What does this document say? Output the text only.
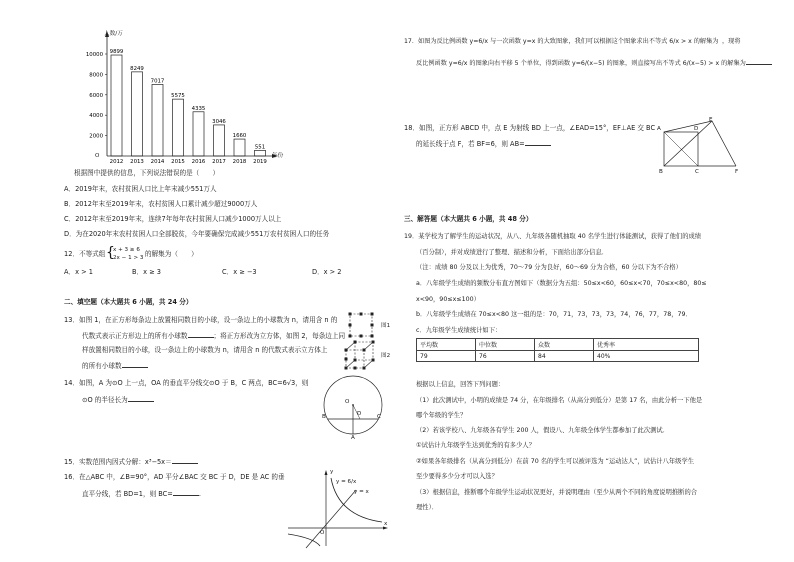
2000
4000
6000
8000
10000 9899
2012
8249
2013
7017
2014
5575
2015
4335
2016
3046
2017
1660
2018
551
2019
人数/万
O	年份
根据图中提供的信息，下列说法错误的是（　　）
A．2019年末，农村贫困人口比上年末减少551万人
B．2012年末至2019年末，农村贫困人口累计减少超过9000万人
C．2012年末至2019年末，连续7年每年农村贫困人口减少1000万人以上
D．为在2020年末农村贫困人口全部脱贫，今年要确保完成减少551万农村贫困人口的任务
12．不等式组 {
x + 3 ≥ 6
2x − 1 > 3 的解集为（　　）
A．x > 1	B．x ≥ 3	C．x ≥ −3	D．x > 2
二、填空题（本大题共 6 小题，共 24 分）
13．如图 1，在正方形每条边上放置相同数目的小球，设一条边上的小球数为 n，请用含 n 的
代数式表示正方形边上的所有小球数	；将正方形改为立方体，如图 2，每条边上同
样放置相同数目的小球，设一条边上的小球数为 n，请用含 n 的代数式表示立方体上
的所有小球数
图1
图2
14．如图，A 为⊙O 上一点，OA 的垂直平分线交⊙O 于 B，C 两点，BC=6√3，则
⊙O 的半径长为	O
B	D	C
A
15．实数范围内因式分解：x³−5x＝
16．在△ABC 中，∠B=90°，AD 平分∠BAC 交 BC 于 D，DE 是 AC 的垂
直平分线，若 BD=1，则 BC=	.
y = 6/x
y = x
x
y
O
17．如图为反比例函数 y=6/x 与一次函数 y=x 的大致图象，我们可以根据这个图象求出不等式 6/x > x 的解集为 ，现将
反比例函数 y=6/x 的图象向右平移 5 个单位，得到函数 y=6/(x−5) 的图象，则直接写出不等式 6/(x−5) > x 的解集为
18．如图，正方形 ABCD 中，点 E 为射线 BD 上一点，∠EAD=15°，EF⊥AE 交 BC
的延长线于点 F，若 BF=6，则 AB=
A	D
E
B	C	F
三、解答题（本大题共 6 小题，共 48 分）
19．某学校为了解学生的运动状况，从八、九年级各随机抽取 40 名学生进行体能测试，获得了他们的成绩
（百分制），并对成绩进行了整理、描述和分析，下面给出部分信息．
（注：成绩 80 分及以上为优秀，70～79 分为良好，60～69 分为合格，60 分以下为不合格）
a．八年级学生成绩的频数分布直方图如下（数据分为五组：50≤x<60，60≤x<70，70≤x<80，80≤
x<90，90≤x≤100）
b．八年级学生成绩在 70≤x<80 这一组的是：70，71，73，73，73，74，76，77，78，79．
c．九年级学生成绩统计如下：
平均数	中位数	众数	优秀率
79	76	84	40%
根据以上信息，回答下列问题：
（1）此次测试中，小明的成绩是 74 分，在年级排名（从高分到低分）是第 17 名，由此分析一下他是
哪个年级的学生？
（2）若该学校八、九年级各有学生 200 人，假设八、九年级全体学生都参加了此次测试．
①试估计九年级学生达到优秀的有多少人？
②如果各年级排名（从高分到低分）在前 70 名的学生可以被评选为 “运动达人”，试估计八年级学生
至少要得多少分才可以入选？
（3）根据信息，推断哪个年级学生运动状况更好，并说明理由（至少从两个不同的角度说明推断的合
理性）．
